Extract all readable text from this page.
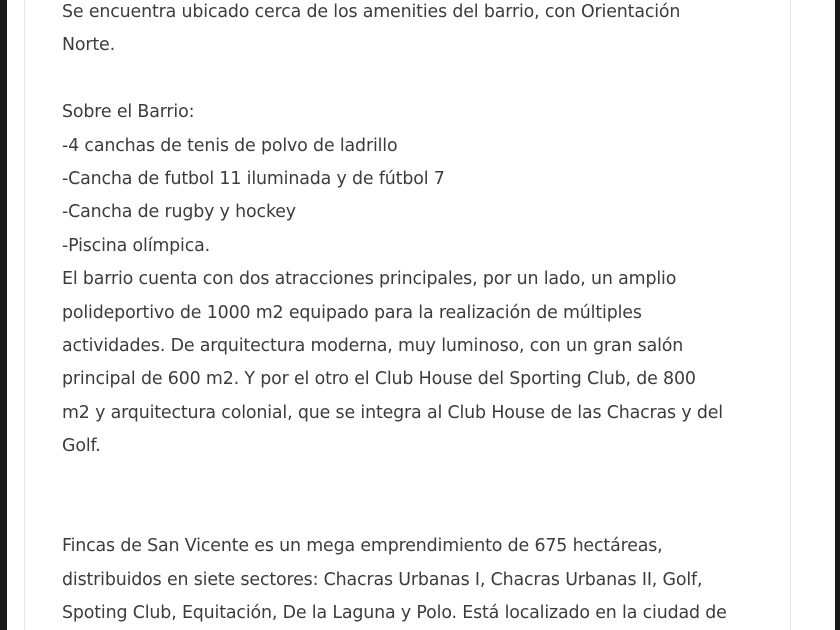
Se encuentra ubicado cerca de los amenities del barrio, con Orientación
Norte.
Sobre el Barrio:
-4 canchas de tenis de polvo de ladrillo
-Cancha de futbol 11 iluminada y de fútbol 7
-Cancha de rugby y hockey
-Piscina olímpica.
El barrio cuenta con dos atracciones principales, por un lado, un amplio
polideportivo de 1000 m2 equipado para la realización de múltiples
actividades. De arquitectura moderna, muy luminoso, con un gran salón
principal de 600 m2. Y por el otro el Club House del Sporting Club, de 800
m2 y arquitectura colonial, que se integra al Club House de las Chacras y del
Golf.
Fincas de San Vicente es un mega emprendimiento de 675 hectáreas,
distribuidos en siete sectores: Chacras Urbanas I, Chacras Urbanas II, Golf,
Spoting Club, Equitación, De la Laguna y Polo. Está localizado en la ciudad de
